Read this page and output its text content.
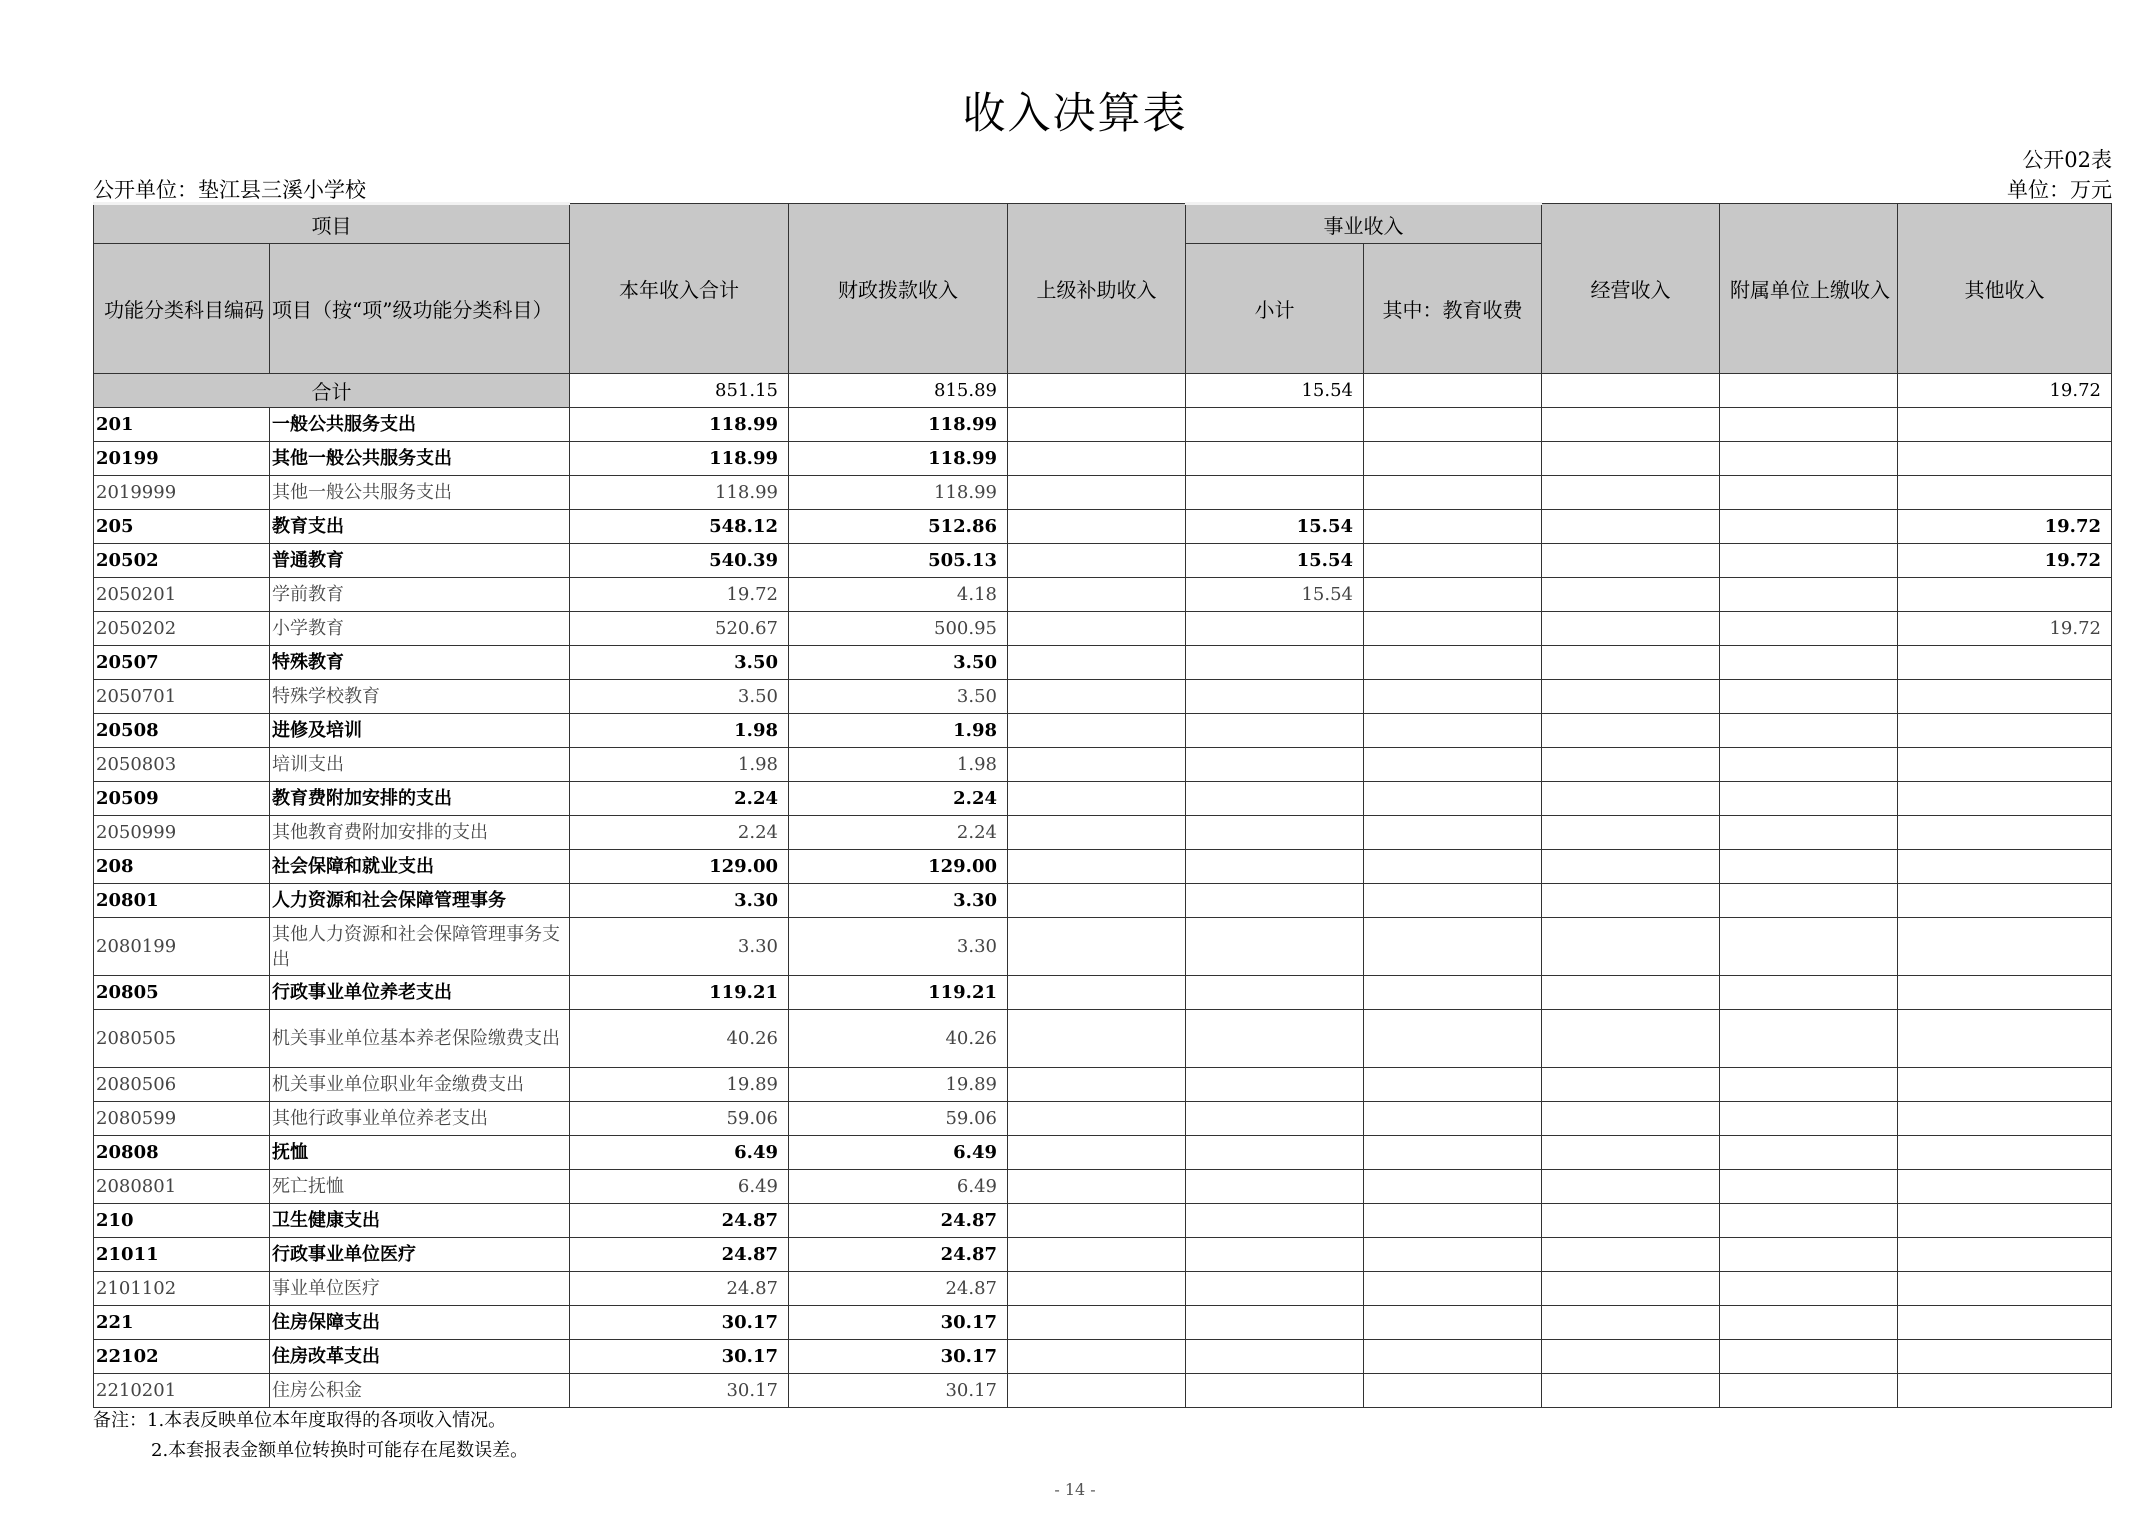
收入决算表
公开02表
公开单位：垫江县三溪小学校	单位：万元
项目		本年收入合计	财政拨款收入	上级补助收入	事业收入		经营收入	附属单位上缴收入	其他收入
功能分类科目编码	项目（按“项”级功能分类科目）				小计	其中：教育收费			
合计		851.15	815.89		15.54				19.72
201	一般公共服务支出	118.99	118.99						
20199	其他一般公共服务支出	118.99	118.99						
2019999	其他一般公共服务支出	118.99	118.99						
205	教育支出	548.12	512.86		15.54				19.72
20502	普通教育	540.39	505.13		15.54				19.72
2050201	学前教育	19.72	4.18		15.54				
2050202	小学教育	520.67	500.95						19.72
20507	特殊教育	3.50	3.50						
2050701	特殊学校教育	3.50	3.50						
20508	进修及培训	1.98	1.98						
2050803	培训支出	1.98	1.98						
20509	教育费附加安排的支出	2.24	2.24						
2050999	其他教育费附加安排的支出	2.24	2.24						
208	社会保障和就业支出	129.00	129.00						
20801	人力资源和社会保障管理事务	3.30	3.30						
2080199	其他人力资源和社会保障管理事务支出	3.30	3.30						
20805	行政事业单位养老支出	119.21	119.21						
2080505	机关事业单位基本养老保险缴费支出	40.26	40.26						
2080506	机关事业单位职业年金缴费支出	19.89	19.89						
2080599	其他行政事业单位养老支出	59.06	59.06						
20808	抚恤	6.49	6.49						
2080801	死亡抚恤	6.49	6.49						
210	卫生健康支出	24.87	24.87						
21011	行政事业单位医疗	24.87	24.87						
2101102	事业单位医疗	24.87	24.87						
221	住房保障支出	30.17	30.17						
22102	住房改革支出	30.17	30.17						
2210201	住房公积金	30.17	30.17						
备注：1.本表反映单位本年度取得的各项收入情况。
2.本套报表金额单位转换时可能存在尾数误差。
- 14 -
